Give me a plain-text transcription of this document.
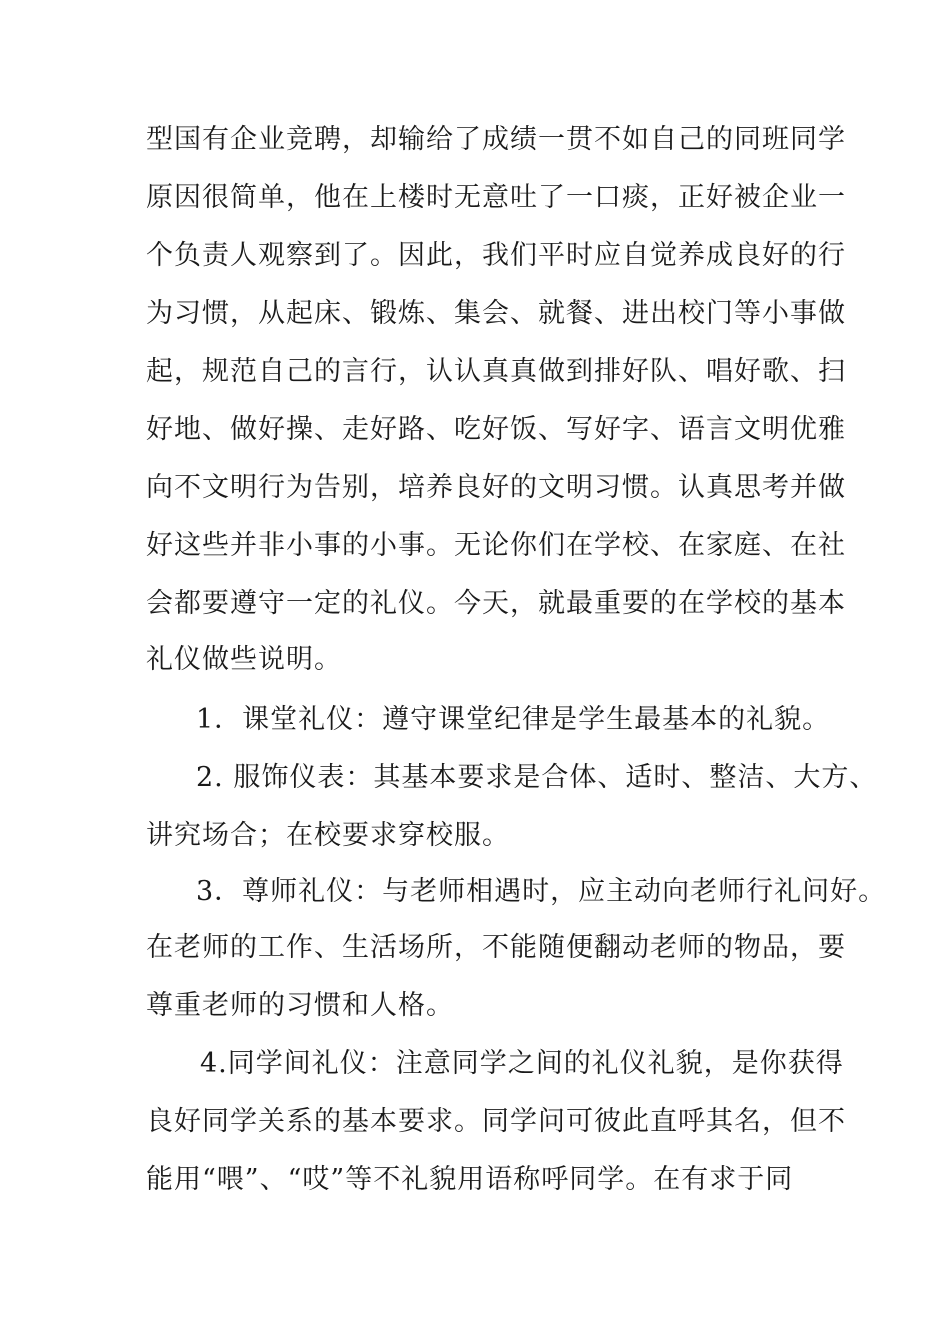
型国有企业竞聘，却输给了成绩一贯不如自己的同班同学
原因很简单，他在上楼时无意吐了一口痰，正好被企业一
个负责人观察到了。因此，我们平时应自觉养成良好的行
为习惯，从起床、锻炼、集会、就餐、进出校门等小事做
起，规范自己的言行，认认真真做到排好队、唱好歌、扫
好地、做好操、走好路、吃好饭、写好字、语言文明优雅
向不文明行为告别，培养良好的文明习惯。认真思考并做
好这些并非小事的小事。无论你们在学校、在家庭、在社
会都要遵守一定的礼仪。今天，就最重要的在学校的基本
礼仪做些说明。
1．课堂礼仪：遵守课堂纪律是学生最基本的礼貌。
2. 服饰仪表：其基本要求是合体、适时、整洁、大方、
讲究场合；在校要求穿校服。
3．尊师礼仪：与老师相遇时，应主动向老师行礼问好。
在老师的工作、生活场所，不能随便翻动老师的物品，要
尊重老师的习惯和人格。
4.同学间礼仪：注意同学之间的礼仪礼貌，是你获得
良好同学关系的基本要求。同学问可彼此直呼其名，但不
能用“喂”、“哎”等不礼貌用语称呼同学。在有求于同
